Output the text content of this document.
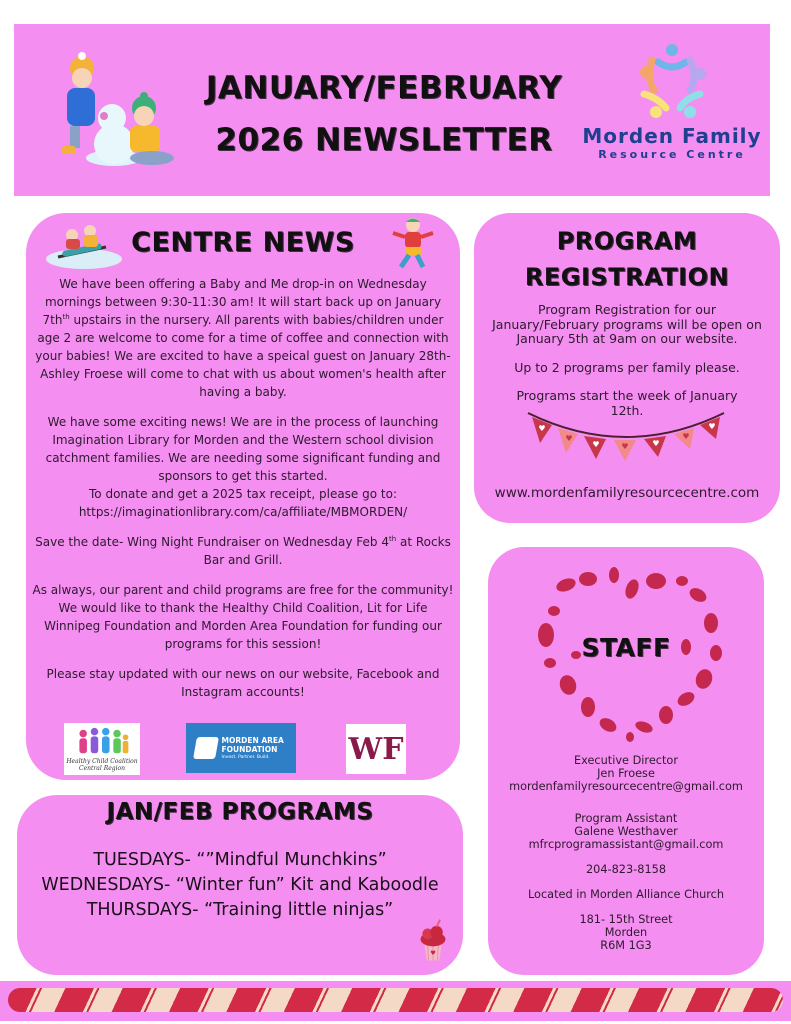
JANUARY/FEBRUARY
2026 NEWSLETTER	Morden Family
Resource Centre
CENTRE NEWS

We have been offering a Baby and Me drop-in on Wednesday mornings between 9:30-11:30 am! It will start back up on January $7th^{th}$ upstairs in the nursery. All parents with babies/children under age 2 are welcome to come for a time of coffee and connection with your babies! We are excited to have a speical guest on January 28th- Ashley Froese will come to chat with us about women's health after having a baby.

We have some exciting news! We are in the process of launching Imagination Library for Morden and the Western school division catchment families. We are needing some significant funding and sponsors to get this started.
To donate and get a 2025 tax receipt, please go to:
https://imaginationlibrary.com/ca/affiliate/MBMORDEN/

Save the date- Wing Night Fundraiser on Wednesday Feb 4th at Rocks Bar and Grill.

As always, our parent and child programs are free for the community! We would like to thank the Healthy Child Coalition, Lit for Life Winnipeg Foundation and Morden Area Foundation for funding our programs for this session!

Please stay updated with our news on our website, Facebook and Instagram accounts!

Healthy Child Coalition Central Region
MORDEN AREA FOUNDATION
Invest. Partner. Build.	WF
PROGRAM
REGISTRATION

Program Registration for our January/February programs will be open on January 5th at 9am on our website.

Up to 2 programs per family please.

Programs start the week of January 12th.

♥
♥
♥	♥	♥
♥
♥
www.mordenfamilyresourcecentre.com
STAFF
Executive Director
Jen Froese
mordenfamilyresourcecentre@gmail.com
Program Assistant
Galene Westhaver
mfrcprogramassistant@gmail.com
204-823-8158
Located in Morden Alliance Church
181- 15th Street
Morden
R6M 1G3
JAN/FEB PROGRAMS
TUESDAYS- “”Mindful Munchkins”
WEDNESDAYS- “Winter fun” Kit and Kaboodle
THURSDAYS- “Training little ninjas”
♥
